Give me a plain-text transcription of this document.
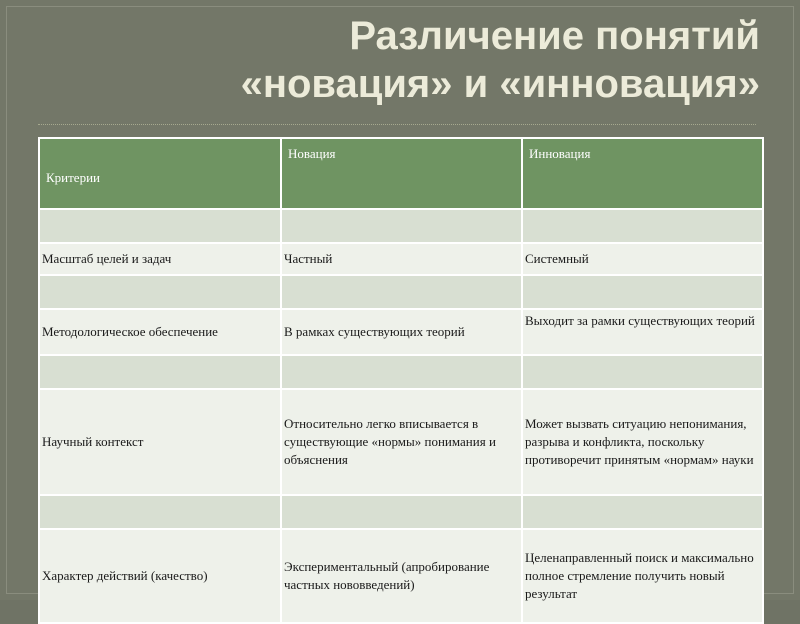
Различение понятий
«новация» и «инновация»
Критерии	Новация	Инновация

Масштаб целей и задач	Частный	Системный

Методологическое обеспечение	В рамках существующих теорий	Выходит за рамки существующих теорий

Научный контекст	Относительно легко вписывается в существующие «нормы» понимания и объяснения	Может вызвать ситуацию непонимания, разрыва и конфликта, поскольку противоречит принятым «нормам» науки

Характер действий (качество)	Экспериментальный (апробирование частных нововведений)	Целенаправленный поиск и максимально полное стремление получить новый результат
